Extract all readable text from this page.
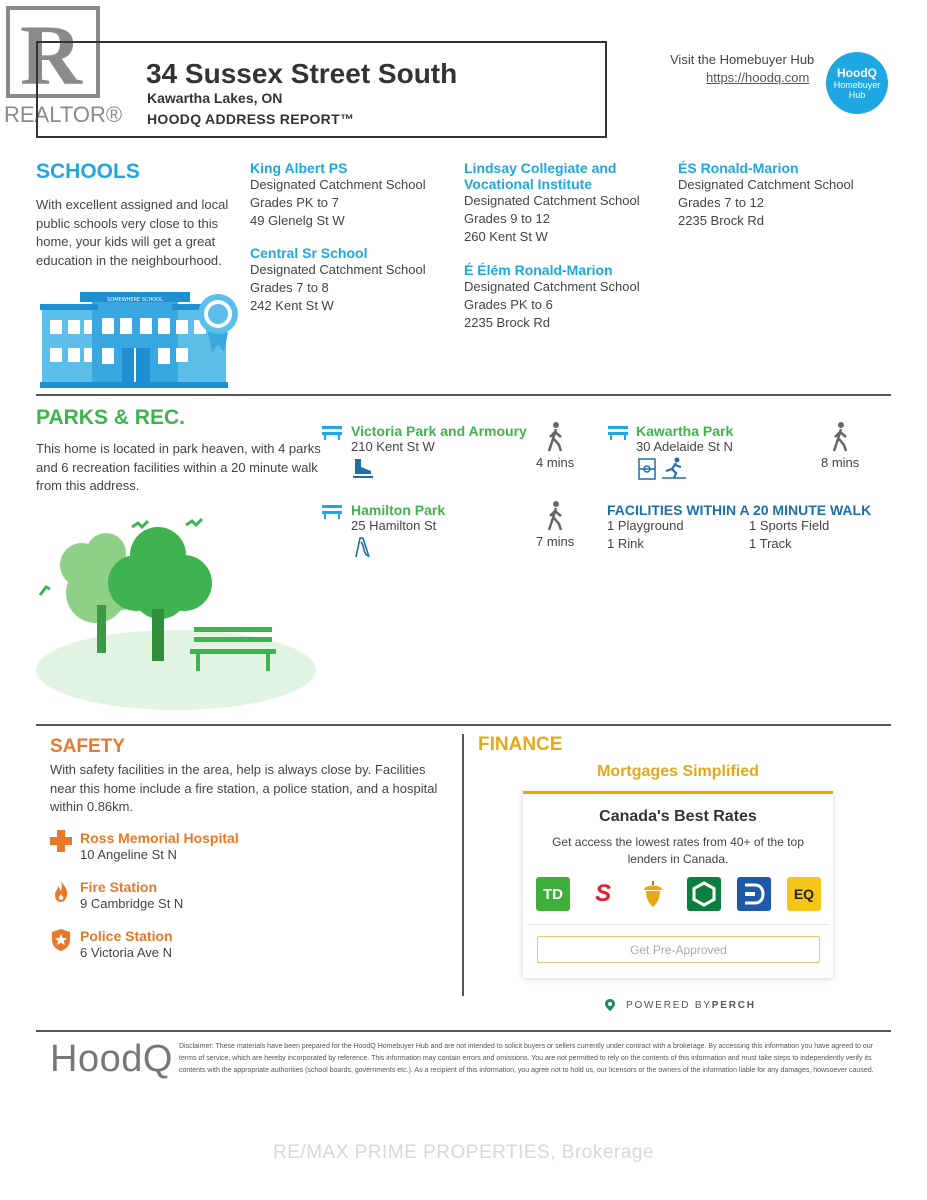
R
REALTOR®
34 Sussex Street South
Kawartha Lakes, ON
HOODQ ADDRESS REPORT™
Visit the Homebuyer Hub
https://hoodq.com	HoodQ
Homebuyer
Hub
SCHOOLS
With excellent assigned and local public schools very close to this home, your kids will get a great education in the neighbourhood.
SOMEWHERE SCHOOL
King Albert PS
Designated Catchment School
Grades PK to 7
49 Glenelg St W
Central Sr School
Designated Catchment School
Grades 7 to 8
242 Kent St W
Lindsay Collegiate and
Vocational Institute
Designated Catchment School
Grades 9 to 12
260 Kent St W
É Élém Ronald-Marion
Designated Catchment School
Grades PK to 6
2235 Brock Rd
ÉS Ronald-Marion
Designated Catchment School
Grades 7 to 12
2235 Brock Rd
PARKS & REC.
This home is located in park heaven, with 4 parks and 6 recreation facilities within a 20 minute walk from this address.
Victoria Park and Armoury
210 Kent St W
4 mins
Kawartha Park
30 Adelaide St N
8 mins
Hamilton Park
25 Hamilton St
7 mins
FACILITIES WITHIN A 20 MINUTE WALK
1 Playground	1 Sports Field
1 Rink	1 Track
SAFETY
With safety facilities in the area, help is always close by. Facilities near this home include a fire station, a police station, and a hospital within 0.86km.
Ross Memorial Hospital
10 Angeline St N
Fire Station
9 Cambridge St N
Police Station
6 Victoria Ave N
FINANCE
Mortgages Simplified
Canada's Best Rates
Get access the lowest rates from 40+ of the top lenders in Canada.
TD	S	EQ
Get Pre-Approved
POWERED BY PERCH
HoodQ Disclaimer: These materials have been prepared for the HoodQ Homebuyer Hub and are not intended to solicit buyers or sellers currently under contract with a brokerage. By accessing this information you have agreed to our terms of service, which are hereby incorporated by reference. This information may contain errors and omissions. You are not permitted to rely on the contents of this information and must take steps to independently verify its contents with the appropriate authorities (school boards, governments etc.). As a recipient of this information, you agree not to hold us, our licensors or the owners of the information liable for any damages, howsoever caused.
RE/MAX PRIME PROPERTIES, Brokerage
